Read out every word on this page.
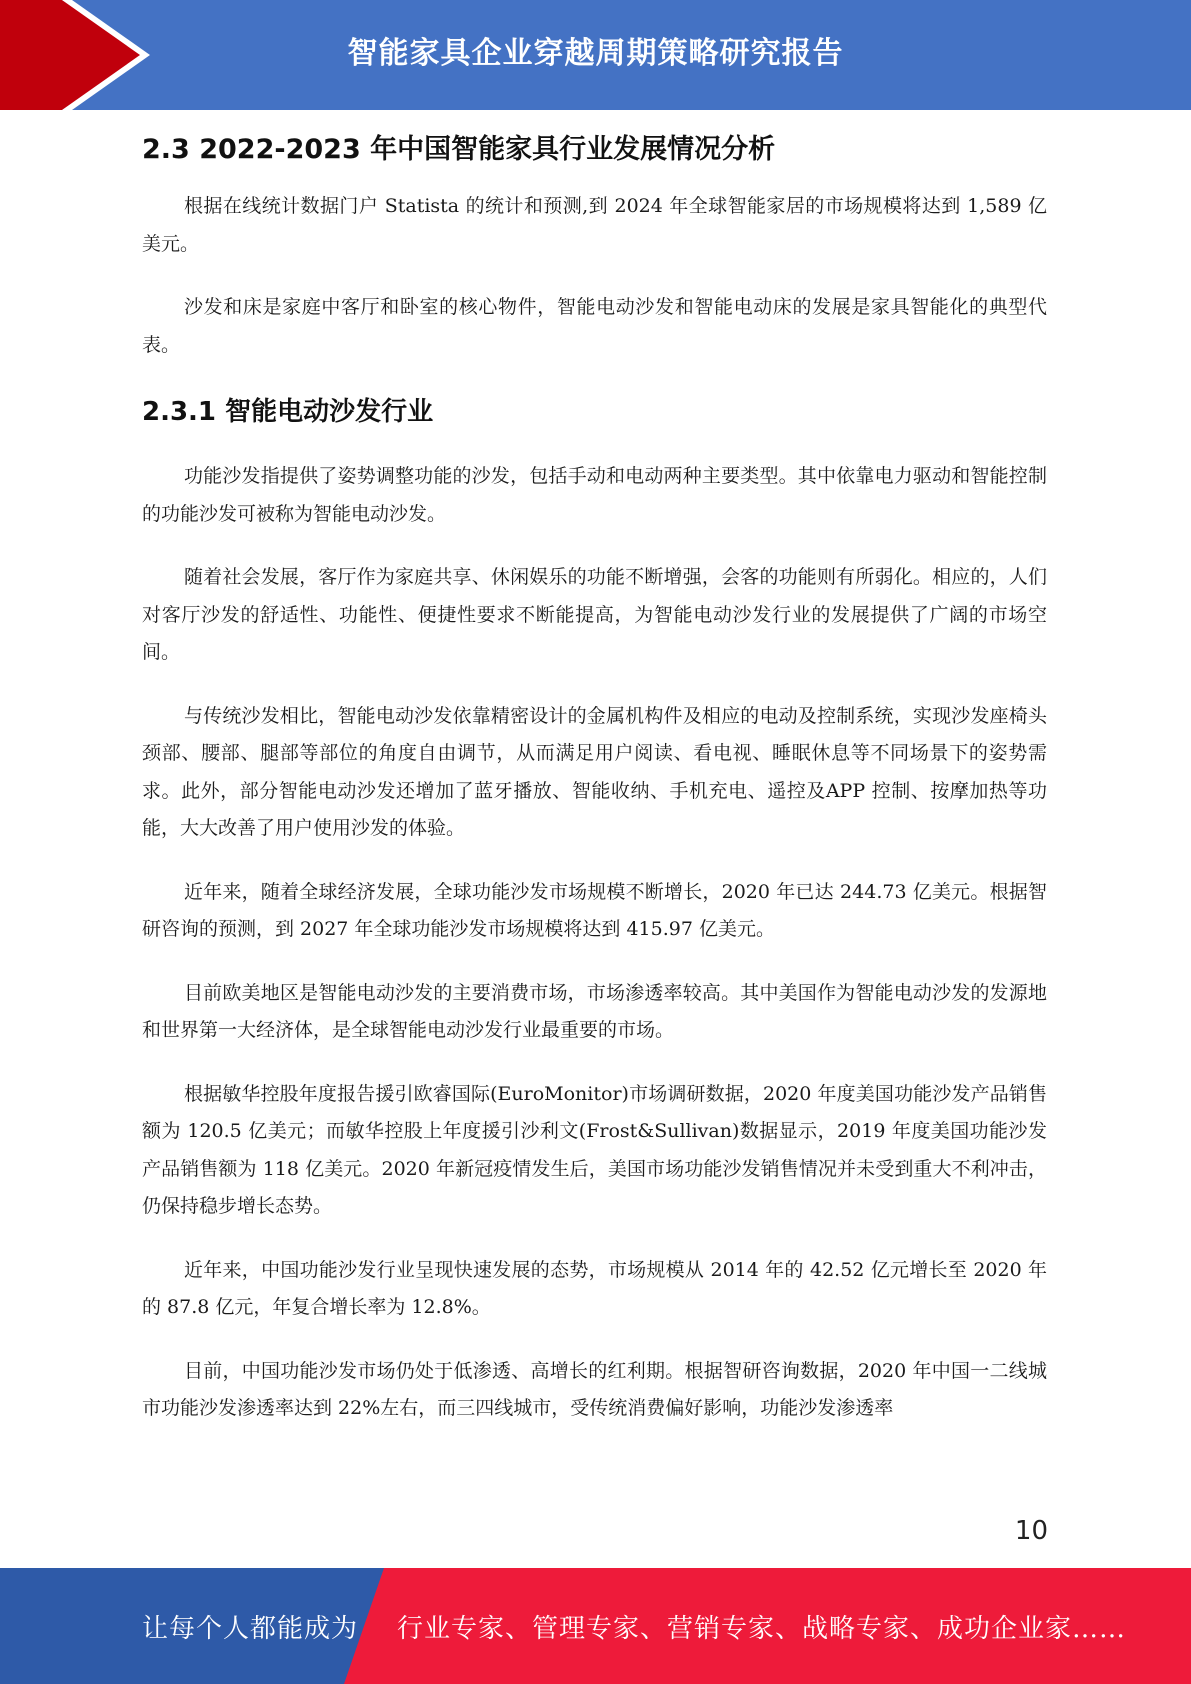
智能家具企业穿越周期策略研究报告
2.3 2022-2023 年中国智能家具行业发展情况分析

根据在线统计数据门户 Statista 的统计和预测,到 2024 年全球智能家居的市场规模将达到 1,589 亿美元。

沙发和床是家庭中客厅和卧室的核心物件，智能电动沙发和智能电动床的发展是家具智能化的典型代表。

2.3.1 智能电动沙发行业

功能沙发指提供了姿势调整功能的沙发，包括手动和电动两种主要类型。其中依靠电力驱动和智能控制的功能沙发可被称为智能电动沙发。

随着社会发展，客厅作为家庭共享、休闲娱乐的功能不断增强，会客的功能则有所弱化。相应的，人们对客厅沙发的舒适性、功能性、便捷性要求不断能提高，为智能电动沙发行业的发展提供了广阔的市场空间。

与传统沙发相比，智能电动沙发依靠精密设计的金属机构件及相应的电动及控制系统，实现沙发座椅头颈部、腰部、腿部等部位的角度自由调节，从而满足用户阅读、看电视、睡眠休息等不同场景下的姿势需求。此外，部分智能电动沙发还增加了蓝牙播放、智能收纳、手机充电、遥控及APP 控制、按摩加热等功能，大大改善了用户使用沙发的体验。

近年来，随着全球经济发展，全球功能沙发市场规模不断增长，2020 年已达 244.73 亿美元。根据智研咨询的预测，到 2027 年全球功能沙发市场规模将达到 415.97 亿美元。

目前欧美地区是智能电动沙发的主要消费市场，市场渗透率较高。其中美国作为智能电动沙发的发源地和世界第一大经济体，是全球智能电动沙发行业最重要的市场。

根据敏华控股年度报告援引欧睿国际(EuroMonitor)市场调研数据，2020 年度美国功能沙发产品销售额为 120.5 亿美元；而敏华控股上年度援引沙利文(Frost&Sullivan)数据显示，2019 年度美国功能沙发产品销售额为 118 亿美元。2020 年新冠疫情发生后，美国市场功能沙发销售情况并未受到重大不利冲击，仍保持稳步增长态势。

近年来，中国功能沙发行业呈现快速发展的态势，市场规模从 2014 年的 42.52 亿元增长至 2020 年的 87.8 亿元，年复合增长率为 12.8%。

目前，中国功能沙发市场仍处于低渗透、高增长的红利期。根据智研咨询数据，2020 年中国一二线城市功能沙发渗透率达到 22%左右，而三四线城市，受传统消费偏好影响，功能沙发渗透率

10
让每个人都能成为 行业专家、管理专家、营销专家、战略专家、成功企业家……
